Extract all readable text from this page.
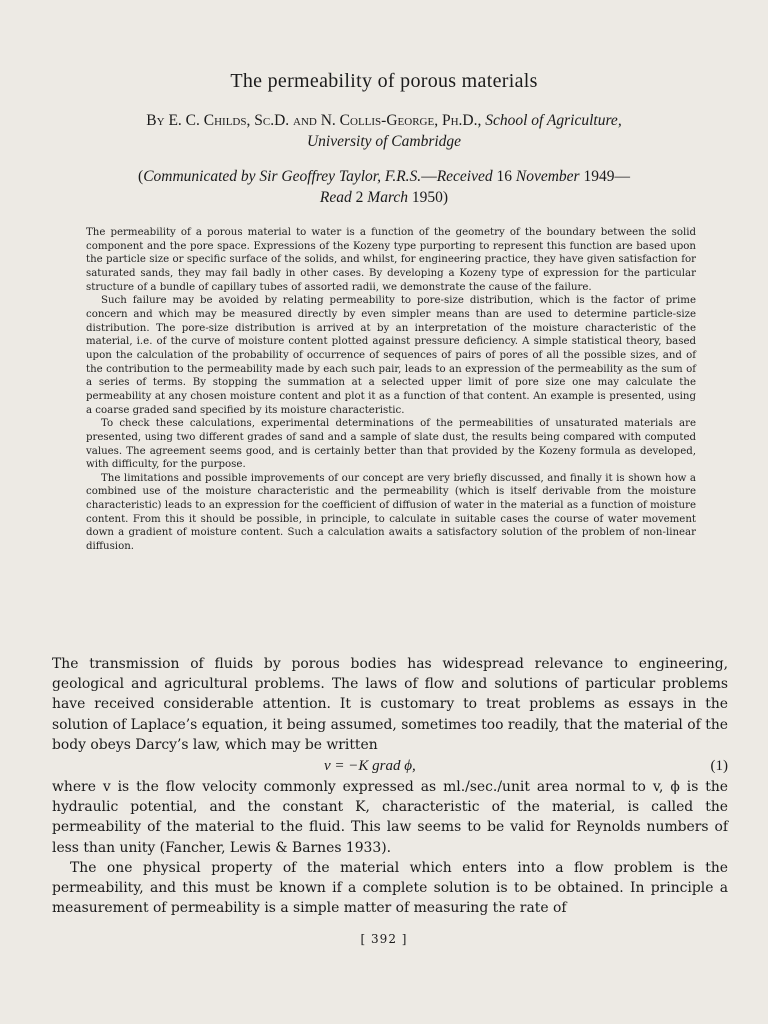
The permeability of porous materials
By E. C. Childs, Sc.D. and N. Collis-George, Ph.D., School of Agriculture,
University of Cambridge
(Communicated by Sir Geoffrey Taylor, F.R.S.—Received 16 November 1949—
Read 2 March 1950)

The permeability of a porous material to water is a function of the geometry of the boundary between the solid component and the pore space. Expressions of the Kozeny type purporting to represent this function are based upon the particle size or specific surface of the solids, and whilst, for engineering practice, they have given satisfaction for saturated sands, they may fail badly in other cases. By developing a Kozeny type of expression for the particular structure of a bundle of capillary tubes of assorted radii, we demonstrate the cause of the failure.

Such failure may be avoided by relating permeability to pore-size distribution, which is the factor of prime concern and which may be measured directly by even simpler means than are used to determine particle-size distribution. The pore-size distribution is arrived at by an interpretation of the moisture characteristic of the material, i.e. of the curve of moisture content plotted against pressure deficiency. A simple statistical theory, based upon the calculation of the probability of occurrence of sequences of pairs of pores of all the possible sizes, and of the contribution to the permeability made by each such pair, leads to an expression of the permeability as the sum of a series of terms. By stopping the summation at a selected upper limit of pore size one may calculate the permeability at any chosen moisture content and plot it as a function of that content. An example is presented, using a coarse graded sand specified by its moisture characteristic.

To check these calculations, experimental determinations of the permeabilities of unsaturated materials are presented, using two different grades of sand and a sample of slate dust, the results being compared with computed values. The agreement seems good, and is certainly better than that provided by the Kozeny formula as developed, with difficulty, for the purpose.

The limitations and possible improvements of our concept are very briefly discussed, and finally it is shown how a combined use of the moisture characteristic and the permeability (which is itself derivable from the moisture characteristic) leads to an expression for the coefficient of diffusion of water in the material as a function of moisture content. From this it should be possible, in principle, to calculate in suitable cases the course of water movement down a gradient of moisture content. Such a calculation awaits a satisfactory solution of the problem of non-linear diffusion.

The transmission of fluids by porous bodies has widespread relevance to engineering, geological and agricultural problems. The laws of flow and solutions of particular problems have received considerable attention. It is customary to treat problems as essays in the solution of Laplace’s equation, it being assumed, sometimes too readily, that the material of the body obeys Darcy’s law, which may be written

v = −K grad ϕ,	(1)

where v is the flow velocity commonly expressed as ml./sec./unit area normal to v, ϕ is the hydraulic potential, and the constant K, characteristic of the material, is called the permeability of the material to the fluid. This law seems to be valid for Reynolds numbers of less than unity (Fancher, Lewis & Barnes 1933).

The one physical property of the material which enters into a flow problem is the permeability, and this must be known if a complete solution is to be obtained. In principle a measurement of permeability is a simple matter of measuring the rate of

[ 392 ]
